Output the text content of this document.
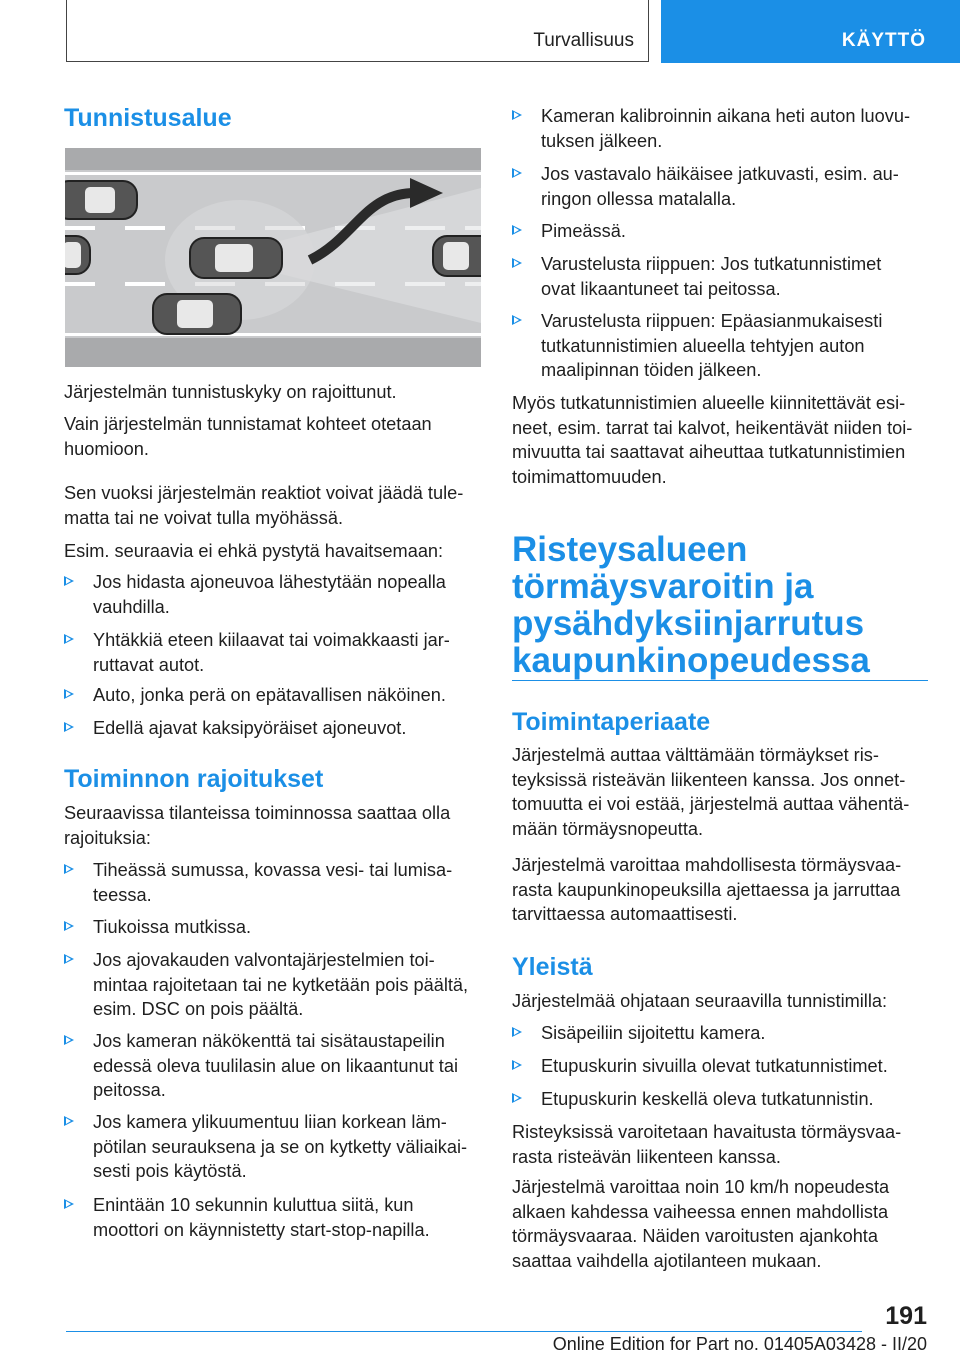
Turvallisuus	KÄYTTÖ
Tunnistusalue
Järjestelmän tunnistuskyky on rajoittunut.
Vain järjestelmän tunnistamat kohteet otetaan
huomioon.
Sen vuoksi järjestelmän reaktiot voivat jäädä tule‐
matta tai ne voivat tulla myöhässä.
Esim. seuraavia ei ehkä pystytä havaitsemaan:
Jos hidasta ajoneuvoa lähestytään nopealla
vauhdilla.
Yhtäkkiä eteen kiilaavat tai voimakkaasti jar‐
ruttavat autot.
Auto, jonka perä on epätavallisen näköinen.
Edellä ajavat kaksipyöräiset ajoneuvot.
Toiminnon rajoitukset
Seuraavissa tilanteissa toiminnossa saattaa olla
rajoituksia:
Tiheässä sumussa, kovassa vesi- tai lumisa‐
teessa.
Tiukoissa mutkissa.
Jos ajovakauden valvontajärjestelmien toi‐
mintaa rajoitetaan tai ne kytketään pois päältä,
esim. DSC on pois päältä.
Jos kameran näkökenttä tai sisätaustapeilin
edessä oleva tuulilasin alue on likaantunut tai
peitossa.
Jos kamera ylikuumentuu liian korkean läm‐
pötilan seurauksena ja se on kytketty väliaikai‐
sesti pois käytöstä.
Enintään 10 sekunnin kuluttua siitä, kun
moottori on käynnistetty start-stop-napilla.
Kameran kalibroinnin aikana heti auton luovu‐
tuksen jälkeen.
Jos vastavalo häikäisee jatkuvasti, esim. au‐
ringon ollessa matalalla.
Pimeässä.
Varustelusta riippuen: Jos tutkatunnistimet
ovat likaantuneet tai peitossa.
Varustelusta riippuen: Epäasianmukaisesti
tutkatunnistimien alueella tehtyjen auton
maalipinnan töiden jälkeen.
Myös tutkatunnistimien alueelle kiinnitettävät esi‐
neet, esim. tarrat tai kalvot, heikentävät niiden toi‐
mivuutta tai saattavat aiheuttaa tutkatunnistimien
toimimattomuuden.
Risteysalueen
törmäysvaroitin ja
pysähdyksiinjarrutus
kaupunkinopeudessa
Toimintaperiaate
Järjestelmä auttaa välttämään törmäykset ris‐
teyksissä risteävän liikenteen kanssa. Jos onnet‐
tomuutta ei voi estää, järjestelmä auttaa vähentä‐
mään törmäysnopeutta.
Järjestelmä varoittaa mahdollisesta törmäysvaa‐
rasta kaupunkinopeuksilla ajettaessa ja jarruttaa
tarvittaessa automaattisesti.
Yleistä
Järjestelmää ohjataan seuraavilla tunnistimilla:
Sisäpeiliin sijoitettu kamera.
Etupuskurin sivuilla olevat tutkatunnistimet.
Etupuskurin keskellä oleva tutkatunnistin.
Risteyksissä varoitetaan havaitusta törmäysvaa‐
rasta risteävän liikenteen kanssa.
Järjestelmä varoittaa noin 10 km/h nopeudesta
alkaen kahdessa vaiheessa ennen mahdollista
törmäysvaaraa. Näiden varoitusten ajankohta
saattaa vaihdella ajotilanteen mukaan.
191
Online Edition for Part no. 01405A03428 - II/20
